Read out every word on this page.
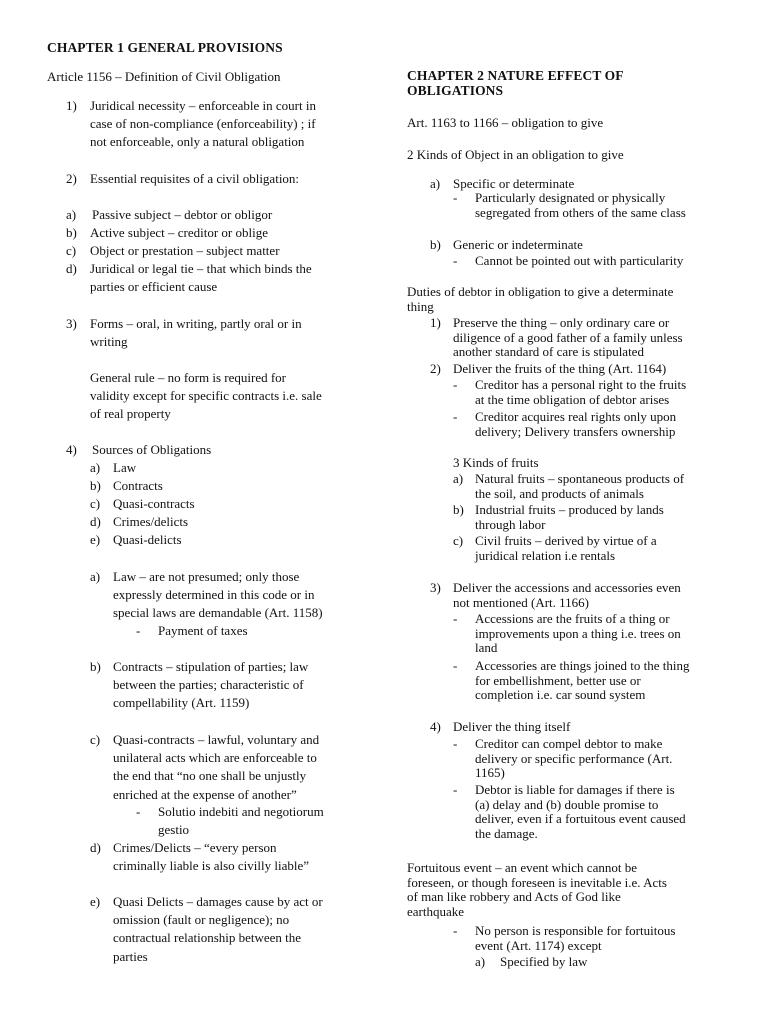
CHAPTER 1 GENERAL PROVISIONS
Article 1156 – Definition of Civil Obligation
1) Juridical necessity – enforceable in court in
case of non-compliance (enforceability) ; if
not enforceable, only a natural obligation
2) Essential requisites of a civil obligation:
a) Passive subject – debtor or obligor
b) Active subject – creditor or oblige
c) Object or prestation – subject matter
d) Juridical or legal tie – that which binds the
parties or efficient cause
3) Forms – oral, in writing, partly oral or in
writing
General rule – no form is required for
validity except for specific contracts i.e. sale
of real property
4) Sources of Obligations
a) Law
b) Contracts
c) Quasi-contracts
d) Crimes/delicts
e) Quasi-delicts
a) Law – are not presumed; only those
expressly determined in this code or in
special laws are demandable (Art. 1158)
- Payment of taxes
b) Contracts – stipulation of parties; law
between the parties; characteristic of
compellability (Art. 1159)
c) Quasi-contracts – lawful, voluntary and
unilateral acts which are enforceable to
the end that “no one shall be unjustly
enriched at the expense of another”
- Solutio indebiti and negotiorum
gestio
d) Crimes/Delicts – “every person
criminally liable is also civilly liable”
e) Quasi Delicts – damages cause by act or
omission (fault or negligence); no
contractual relationship between the
parties
CHAPTER 2 NATURE EFFECT OF
OBLIGATIONS
Art. 1163 to 1166 – obligation to give
2 Kinds of Object in an obligation to give
a) Specific or determinate
- Particularly designated or physically
segregated from others of the same class
b) Generic or indeterminate
- Cannot be pointed out with particularity
Duties of debtor in obligation to give a determinate
thing
1) Preserve the thing – only ordinary care or
diligence of a good father of a family unless
another standard of care is stipulated
2) Deliver the fruits of the thing (Art. 1164)
- Creditor has a personal right to the fruits
at the time obligation of debtor arises
- Creditor acquires real rights only upon
delivery; Delivery transfers ownership
3 Kinds of fruits
a) Natural fruits – spontaneous products of
the soil, and products of animals
b) Industrial fruits – produced by lands
through labor
c) Civil fruits – derived by virtue of a
juridical relation i.e rentals
3) Deliver the accessions and accessories even
not mentioned (Art. 1166)
- Accessions are the fruits of a thing or
improvements upon a thing i.e. trees on
land
- Accessories are things joined to the thing
for embellishment, better use or
completion i.e. car sound system
4) Deliver the thing itself
- Creditor can compel debtor to make
delivery or specific performance (Art.
1165)
- Debtor is liable for damages if there is
(a) delay and (b) double promise to
deliver, even if a fortuitous event caused
the damage.
Fortuitous event – an event which cannot be
foreseen, or though foreseen is inevitable i.e. Acts
of man like robbery and Acts of God like
earthquake
- No person is responsible for fortuitous
event (Art. 1174) except
a) Specified by law
